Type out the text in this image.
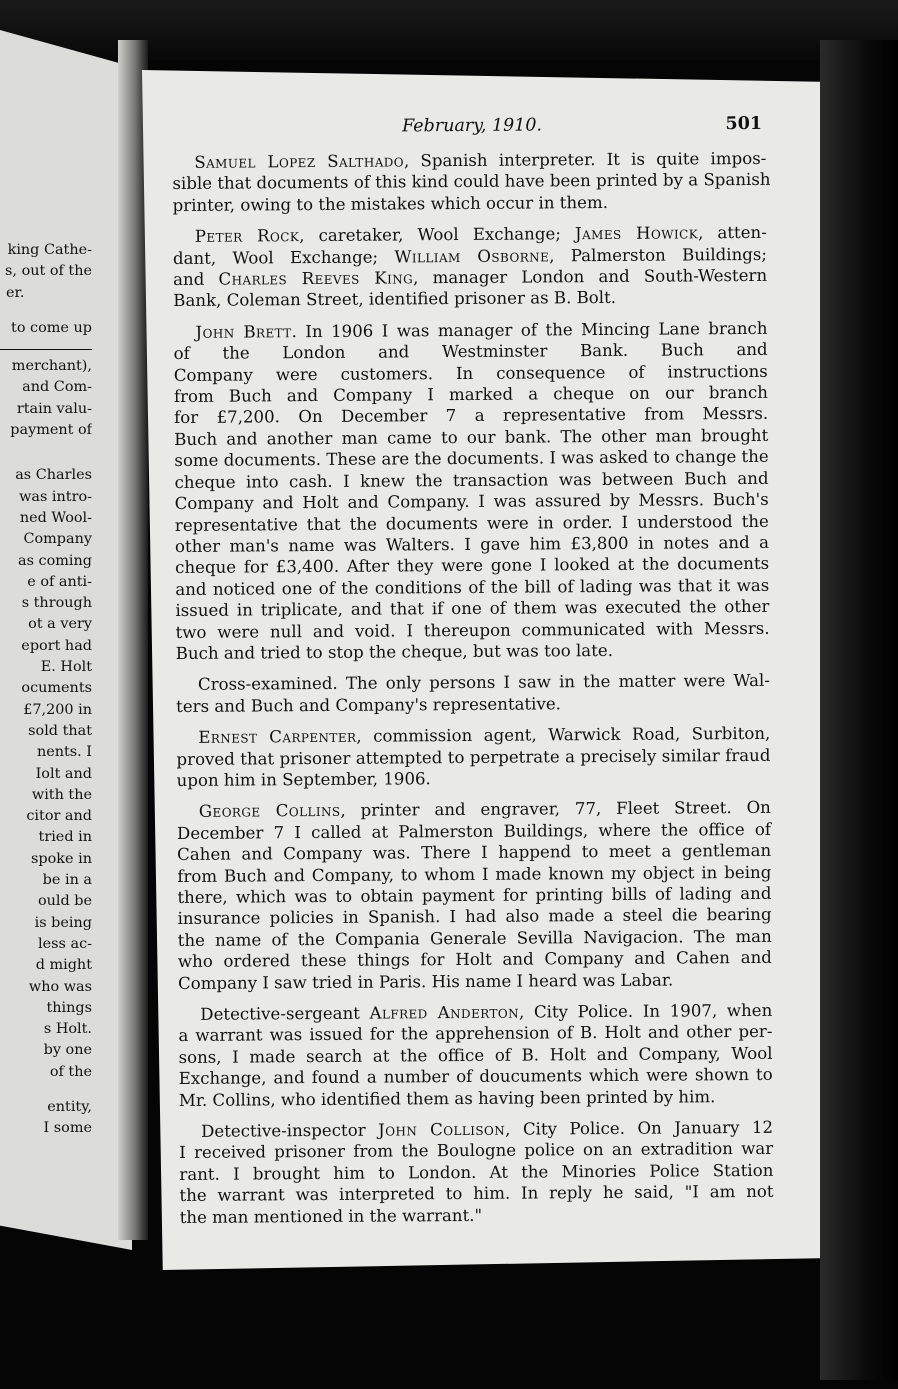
king Cathe-
s, out of the
er.
to come up
merchant),
and Com-
rtain valu-
payment of
as Charles
was intro-
ned Wool-
Company
as coming
e of anti-
s through
ot a very
eport had
E. Holt
ocuments
£7,200 in
sold that
nents. I
Iolt and
with the
citor and
tried in
spoke in
be in a
ould be
is being
less ac-
d might
who was
things
s Holt.
by one
of the
entity,
I some
February, 1910.	501
Samuel Lopez Salthado, Spanish interpreter. It is quite impos-
sible that documents of this kind could have been printed by a Spanish
printer, owing to the mistakes which occur in them.
Peter Rock, caretaker, Wool Exchange; James Howick, atten-
dant, Wool Exchange; William Osborne, Palmerston Buildings;
and Charles Reeves King, manager London and South-Western
Bank, Coleman Street, identified prisoner as B. Bolt.
John Brett. In 1906 I was manager of the Mincing Lane branch
of the London and Westminster Bank. Buch and
Company were customers. In consequence of instructions
from Buch and Company I marked a cheque on our branch
for £7,200. On December 7 a representative from Messrs.
Buch and another man came to our bank. The other man brought
some documents. These are the documents. I was asked to change the
cheque into cash. I knew the transaction was between Buch and
Company and Holt and Company. I was assured by Messrs. Buch's
representative that the documents were in order. I understood the
other man's name was Walters. I gave him £3,800 in notes and a
cheque for £3,400. After they were gone I looked at the documents
and noticed one of the conditions of the bill of lading was that it was
issued in triplicate, and that if one of them was executed the other
two were null and void. I thereupon communicated with Messrs.
Buch and tried to stop the cheque, but was too late.
Cross-examined. The only persons I saw in the matter were Wal-
ters and Buch and Company's representative.
Ernest Carpenter, commission agent, Warwick Road, Surbiton,
proved that prisoner attempted to perpetrate a precisely similar fraud
upon him in September, 1906.
George Collins, printer and engraver, 77, Fleet Street. On
December 7 I called at Palmerston Buildings, where the office of
Cahen and Company was. There I happend to meet a gentleman
from Buch and Company, to whom I made known my object in being
there, which was to obtain payment for printing bills of lading and
insurance policies in Spanish. I had also made a steel die bearing
the name of the Compania Generale Sevilla Navigacion. The man
who ordered these things for Holt and Company and Cahen and
Company I saw tried in Paris. His name I heard was Labar.
Detective-sergeant Alfred Anderton, City Police. In 1907, when
a warrant was issued for the apprehension of B. Holt and other per-
sons, I made search at the office of B. Holt and Company, Wool
Exchange, and found a number of doucuments which were shown to
Mr. Collins, who identified them as having been printed by him.
Detective-inspector John Collison, City Police. On January 12
I received prisoner from the Boulogne police on an extradition war
rant. I brought him to London. At the Minories Police Station
the warrant was interpreted to him. In reply he said, "I am not
the man mentioned in the warrant."
